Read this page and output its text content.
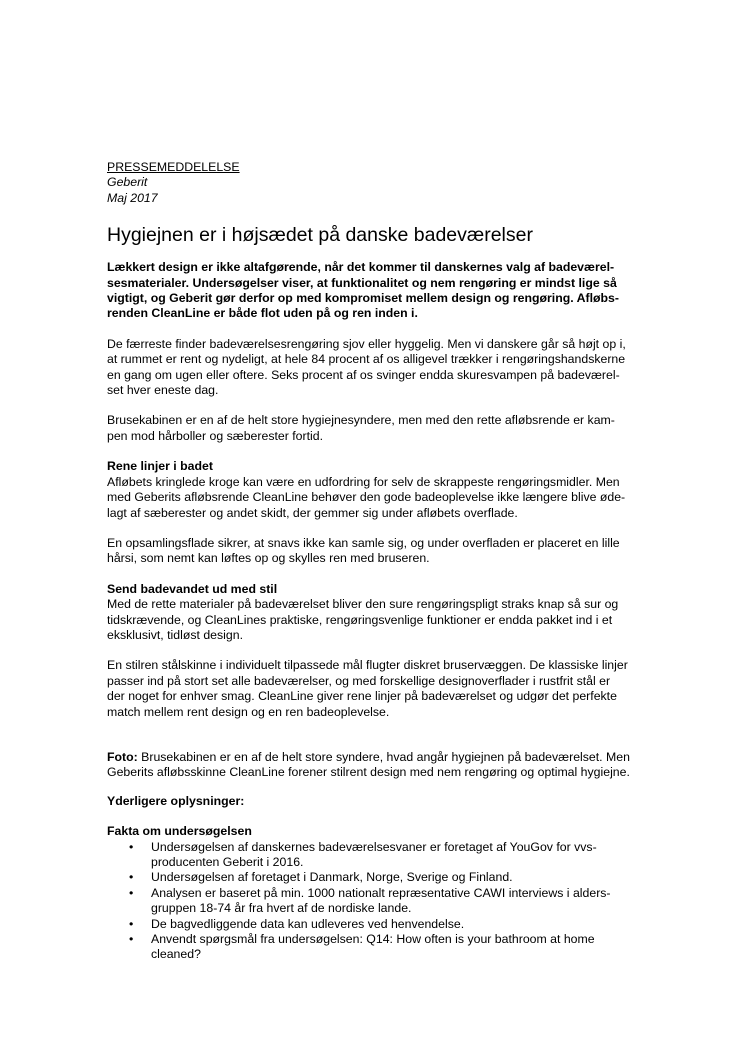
PRESSEMEDDELELSE
Geberit
Maj 2017
Hygiejnen er i højsædet på danske badeværelser
Lækkert design er ikke altafgørende, når det kommer til danskernes valg af badeværel-
sesmaterialer. Undersøgelser viser, at funktionalitet og nem rengøring er mindst lige så
vigtigt, og Geberit gør derfor op med kompromiset mellem design og rengøring. Afløbs-
renden CleanLine er både flot uden på og ren inden i.
De færreste finder badeværelsesrengøring sjov eller hyggelig. Men vi danskere går så højt op i,
at rummet er rent og nydeligt, at hele 84 procent af os alligevel trækker i rengøringshandskerne
en gang om ugen eller oftere. Seks procent af os svinger endda skuresvampen på badeværel-
set hver eneste dag.
Brusekabinen er en af de helt store hygiejnesyndere, men med den rette afløbsrende er kam-
pen mod hårboller og sæberester fortid.
Rene linjer i badet
Afløbets kringlede kroge kan være en udfordring for selv de skrappeste rengøringsmidler. Men
med Geberits afløbsrende CleanLine behøver den gode badeoplevelse ikke længere blive øde-
lagt af sæberester og andet skidt, der gemmer sig under afløbets overflade.
En opsamlingsflade sikrer, at snavs ikke kan samle sig, og under overfladen er placeret en lille
hårsi, som nemt kan løftes op og skylles ren med bruseren.
Send badevandet ud med stil
Med de rette materialer på badeværelset bliver den sure rengøringspligt straks knap så sur og
tidskrævende, og CleanLines praktiske, rengøringsvenlige funktioner er endda pakket ind i et
eksklusivt, tidløst design.
En stilren stålskinne i individuelt tilpassede mål flugter diskret bruservæggen. De klassiske linjer
passer ind på stort set alle badeværelser, og med forskellige designoverflader i rustfrit stål er
der noget for enhver smag. CleanLine giver rene linjer på badeværelset og udgør det perfekte
match mellem rent design og en ren badeoplevelse.
Foto: Brusekabinen er en af de helt store syndere, hvad angår hygiejnen på badeværelset. Men
Geberits afløbsskinne CleanLine forener stilrent design med nem rengøring og optimal hygiejne.
Yderligere oplysninger:
Fakta om undersøgelsen
• Undersøgelsen af danskernes badeværelsesvaner er foretaget af YouGov for vvs-
producenten Geberit i 2016.
• Undersøgelsen af foretaget i Danmark, Norge, Sverige og Finland.
• Analysen er baseret på min. 1000 nationalt repræsentative CAWI interviews i alders-
gruppen 18-74 år fra hvert af de nordiske lande.
• De bagvedliggende data kan udleveres ved henvendelse.
• Anvendt spørgsmål fra undersøgelsen: Q14: How often is your bathroom at home
cleaned?
